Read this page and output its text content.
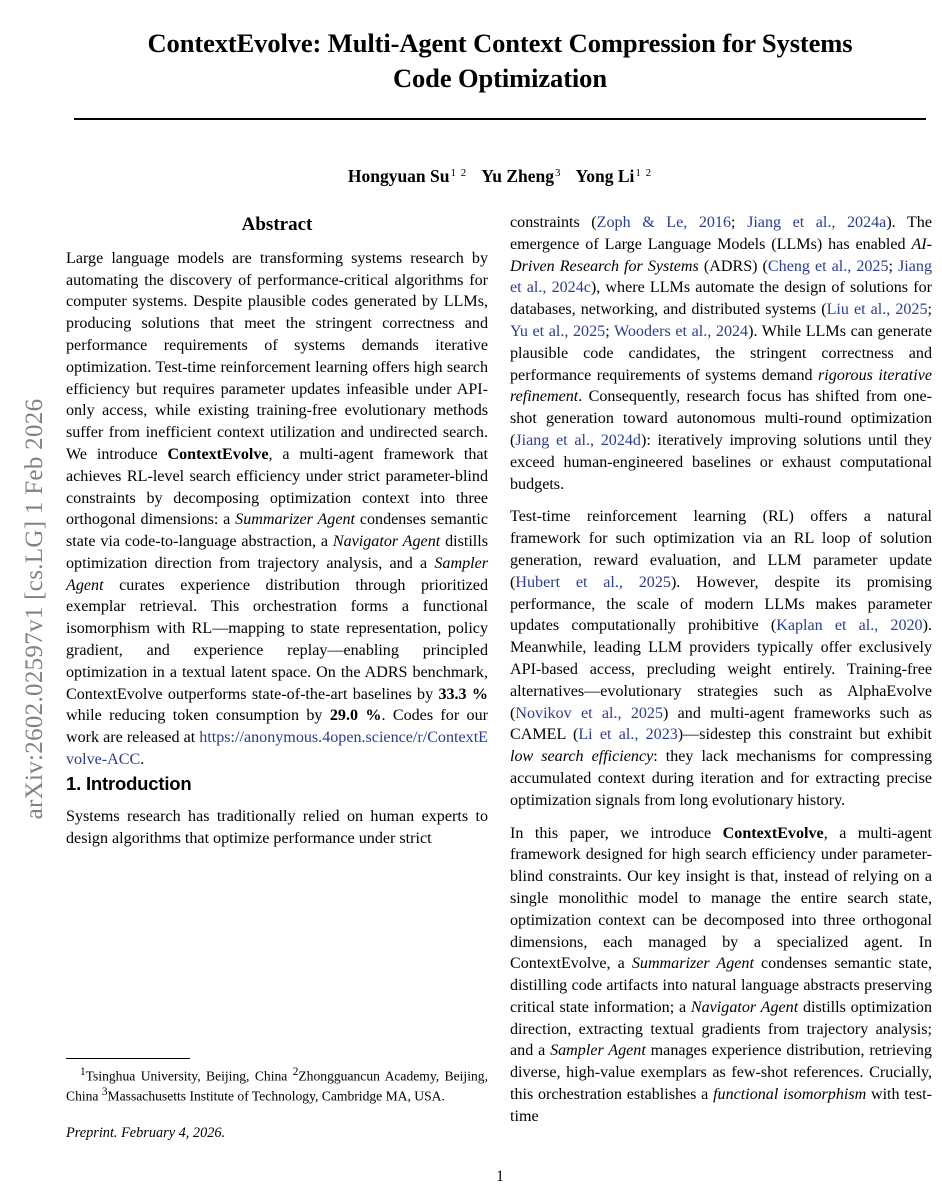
arXiv:2602.02597v1 [cs.LG] 1 Feb 2026
ContextEvolve: Multi-Agent Context Compression for Systems Code Optimization
Hongyuan $Su^{1 2}$ Yu Zheng$^3$ Yong $Li^{1 2}$
Abstract

Large language models are transforming systems research by automating the discovery of performance-critical algorithms for computer systems. Despite plausible codes generated by LLMs, producing solutions that meet the stringent correctness and performance requirements of systems demands iterative optimization. Test-time reinforcement learning offers high search efficiency but requires parameter updates infeasible under API-only access, while existing training-free evolutionary methods suffer from inefficient context utilization and undirected search. We introduce ContextEvolve, a multi-agent framework that achieves RL-level search efficiency under strict parameter-blind constraints by decomposing optimization context into three orthogonal dimensions: a Summarizer Agent condenses semantic state via code-to-language abstraction, a Navigator Agent distills optimization direction from trajectory analysis, and a Sampler Agent curates experience distribution through prioritized exemplar retrieval. This orchestration forms a functional isomorphism with RL—mapping to state representation, policy gradient, and experience replay—enabling principled optimization in a textual latent space. On the ADRS benchmark, ContextEvolve outperforms state-of-the-art baselines by 33.3 % while reducing token consumption by 29.0 %. Codes for our work are released at https://anonymous.4open.science/r/ContextEvolve-ACC.

1. Introduction

Systems research has traditionally relied on human experts to design algorithms that optimize performance under strict

constraints (Zoph & Le, 2016; Jiang et al., 2024a). The emergence of Large Language Models (LLMs) has enabled AI-Driven Research for Systems (ADRS) (Cheng et al., 2025; Jiang et al., 2024c), where LLMs automate the design of solutions for databases, networking, and distributed systems (Liu et al., 2025; Yu et al., 2025; Wooders et al., 2024). While LLMs can generate plausible code candidates, the stringent correctness and performance requirements of systems demand rigorous iterative refinement. Consequently, research focus has shifted from one-shot generation toward autonomous multi-round optimization (Jiang et al., 2024d): iteratively improving solutions until they exceed human-engineered baselines or exhaust computational budgets.

Test-time reinforcement learning (RL) offers a natural framework for such optimization via an RL loop of solution generation, reward evaluation, and LLM parameter update (Hubert et al., 2025). However, despite its promising performance, the scale of modern LLMs makes parameter updates computationally prohibitive (Kaplan et al., 2020). Meanwhile, leading LLM providers typically offer exclusively API-based access, precluding weight entirely. Training-free alternatives—evolutionary strategies such as AlphaEvolve (Novikov et al., 2025) and multi-agent frameworks such as CAMEL (Li et al., 2023)—sidestep this constraint but exhibit low search efficiency: they lack mechanisms for compressing accumulated context during iteration and for extracting precise optimization signals from long evolutionary history.

In this paper, we introduce ContextEvolve, a multi-agent framework designed for high search efficiency under parameter-blind constraints. Our key insight is that, instead of relying on a single monolithic model to manage the entire search state, optimization context can be decomposed into three orthogonal dimensions, each managed by a specialized agent. In ContextEvolve, a Summarizer Agent condenses semantic state, distilling code artifacts into natural language abstracts preserving critical state information; a Navigator Agent distills optimization direction, extracting textual gradients from trajectory analysis; and a Sampler Agent manages experience distribution, retrieving diverse, high-value exemplars as few-shot references. Crucially, this orchestration establishes a functional isomorphism with test-time

$^1$Tsinghua University, Beijing, China $^2$Zhongguancun Academy, Beijing, China $^3$Massachusetts Institute of Technology, Cambridge MA, USA.

Preprint. February 4, 2026.
1
